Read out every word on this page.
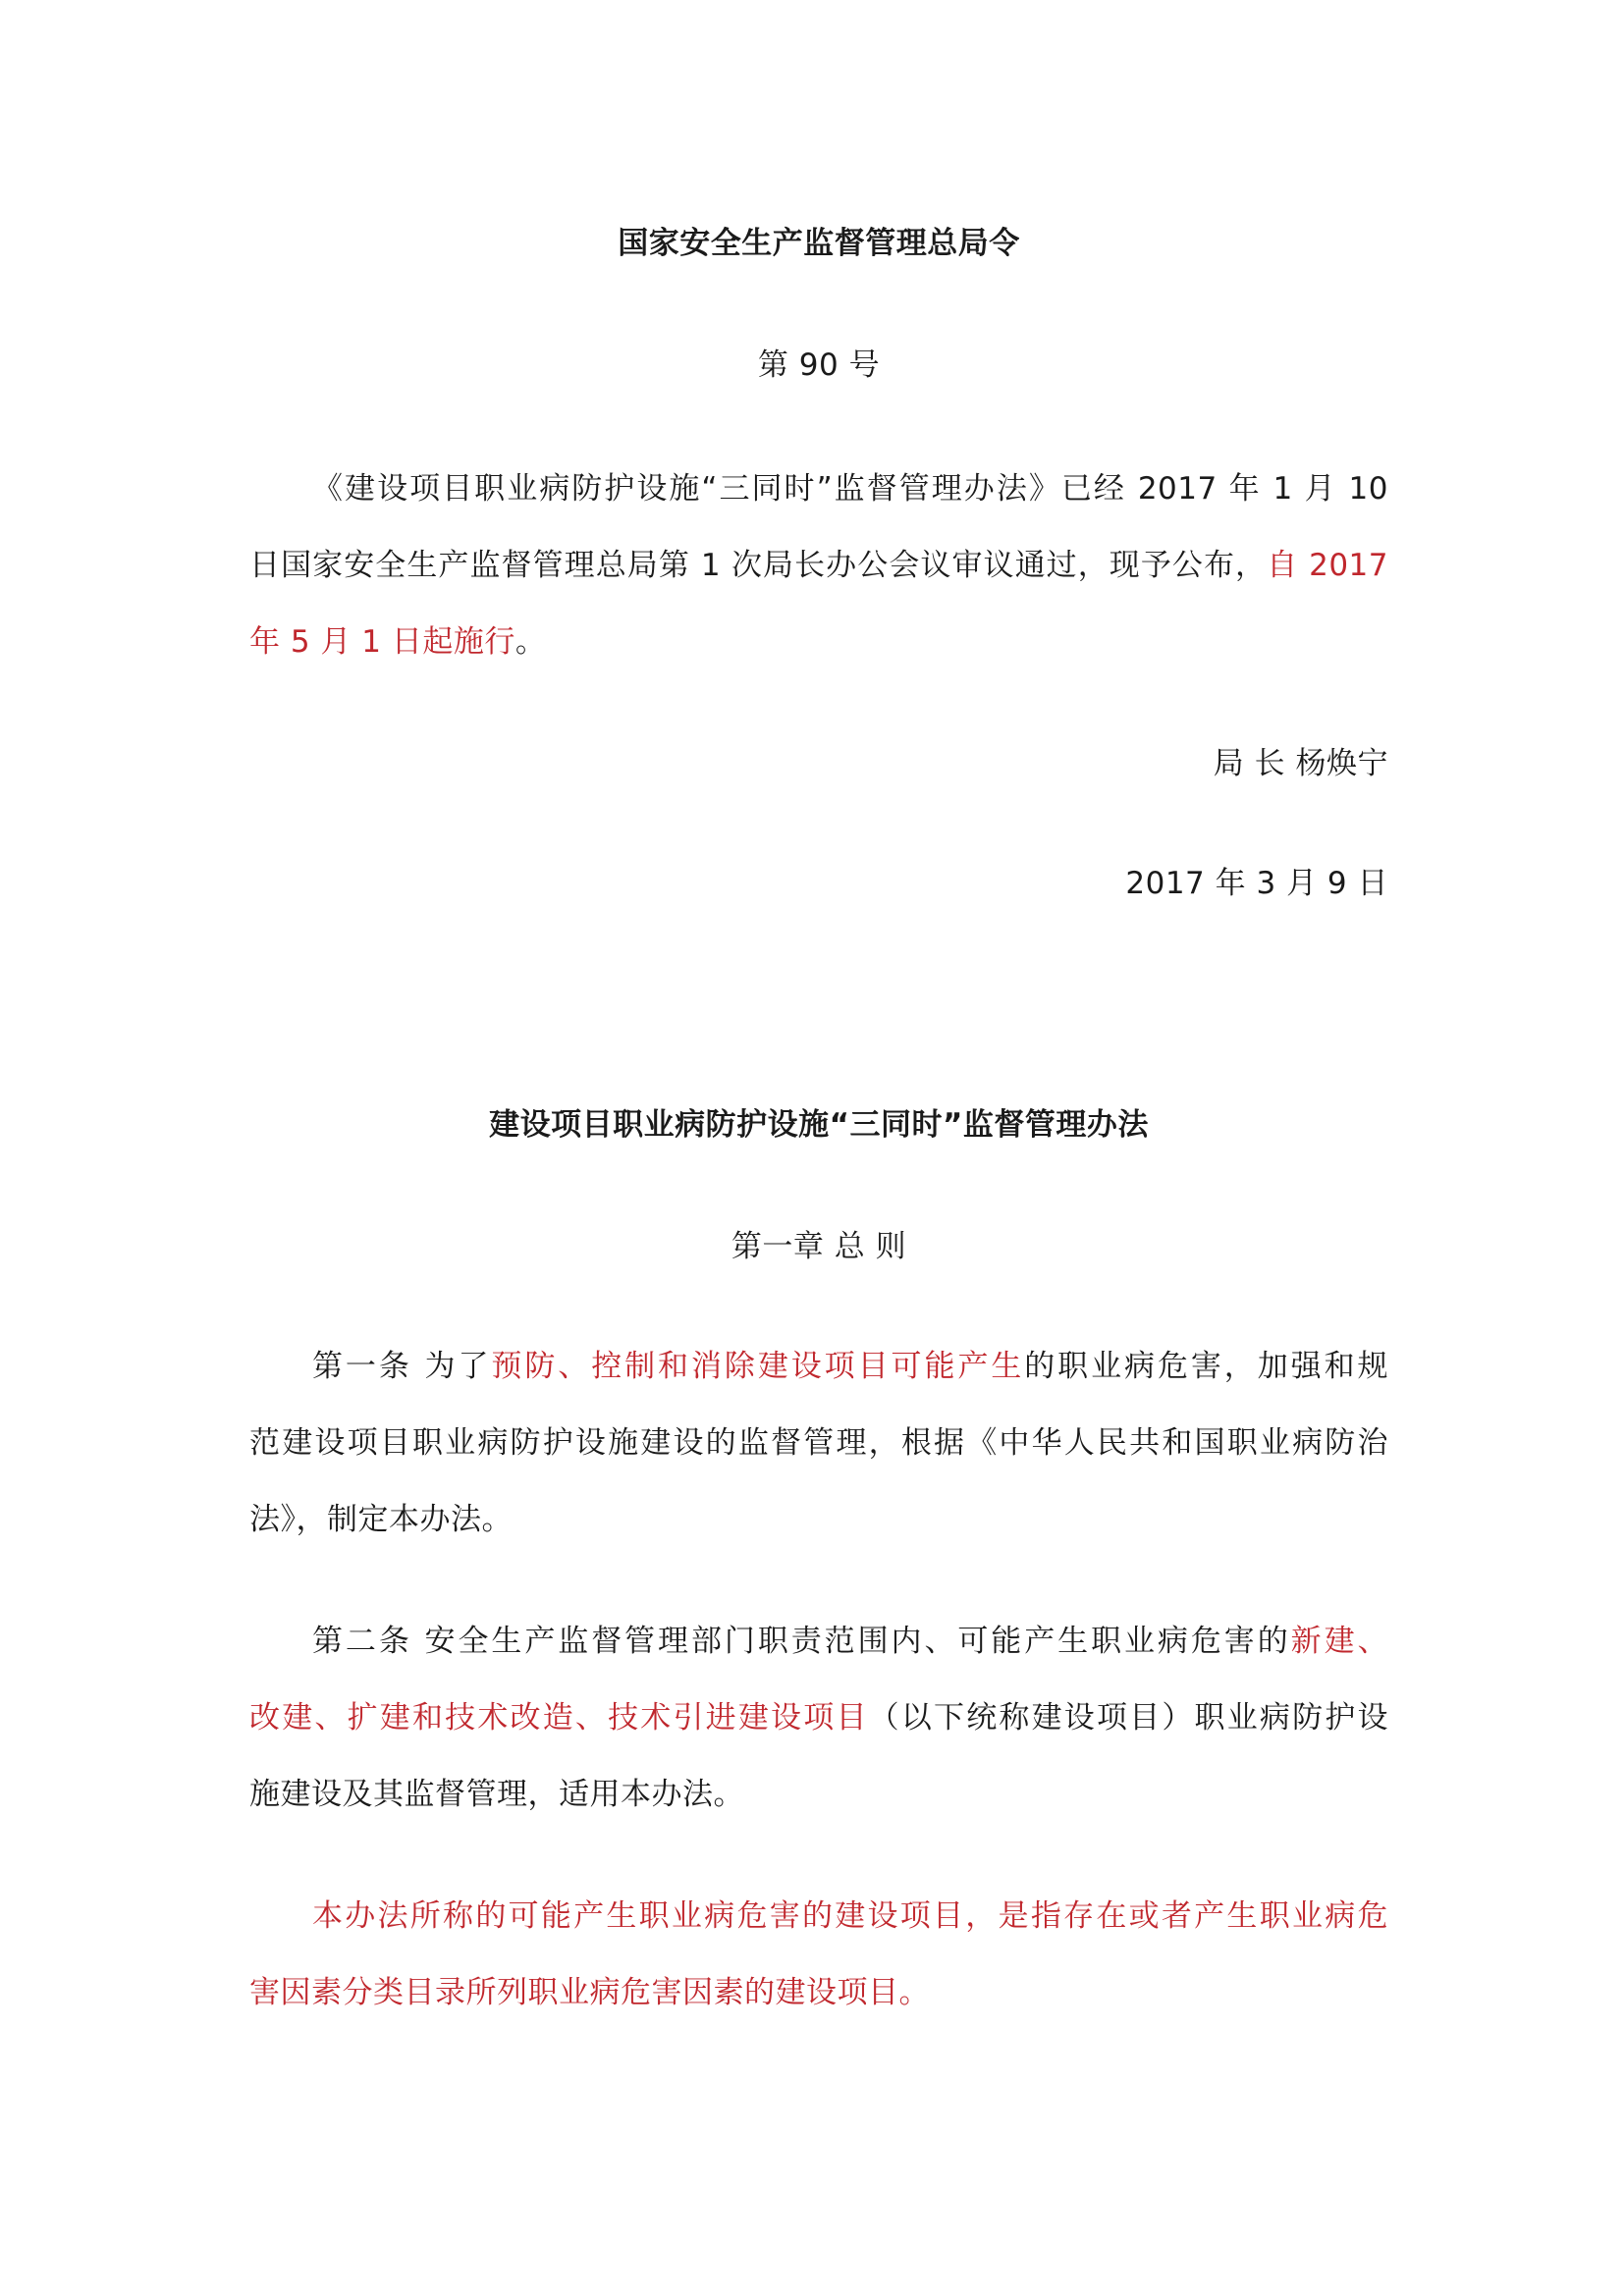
国家安全生产监督管理总局令
第 90 号
《建设项目职业病防护设施“三同时”监督管理办法》已经 2017 年 1 月 10
日国家安全生产监督管理总局第 1 次局长办公会议审议通过，现予公布，自 2017
年 5 月 1 日起施行。
局 长 杨焕宁
2017 年 3 月 9 日
建设项目职业病防护设施“三同时”监督管理办法
第一章 总 则
第一条 为了预防、控制和消除建设项目可能产生的职业病危害，加强和规
范建设项目职业病防护设施建设的监督管理，根据《中华人民共和国职业病防治
法》，制定本办法。
第二条 安全生产监督管理部门职责范围内、可能产生职业病危害的新建、
改建、扩建和技术改造、技术引进建设项目（以下统称建设项目）职业病防护设
施建设及其监督管理，适用本办法。
本办法所称的可能产生职业病危害的建设项目，是指存在或者产生职业病危
害因素分类目录所列职业病危害因素的建设项目。
